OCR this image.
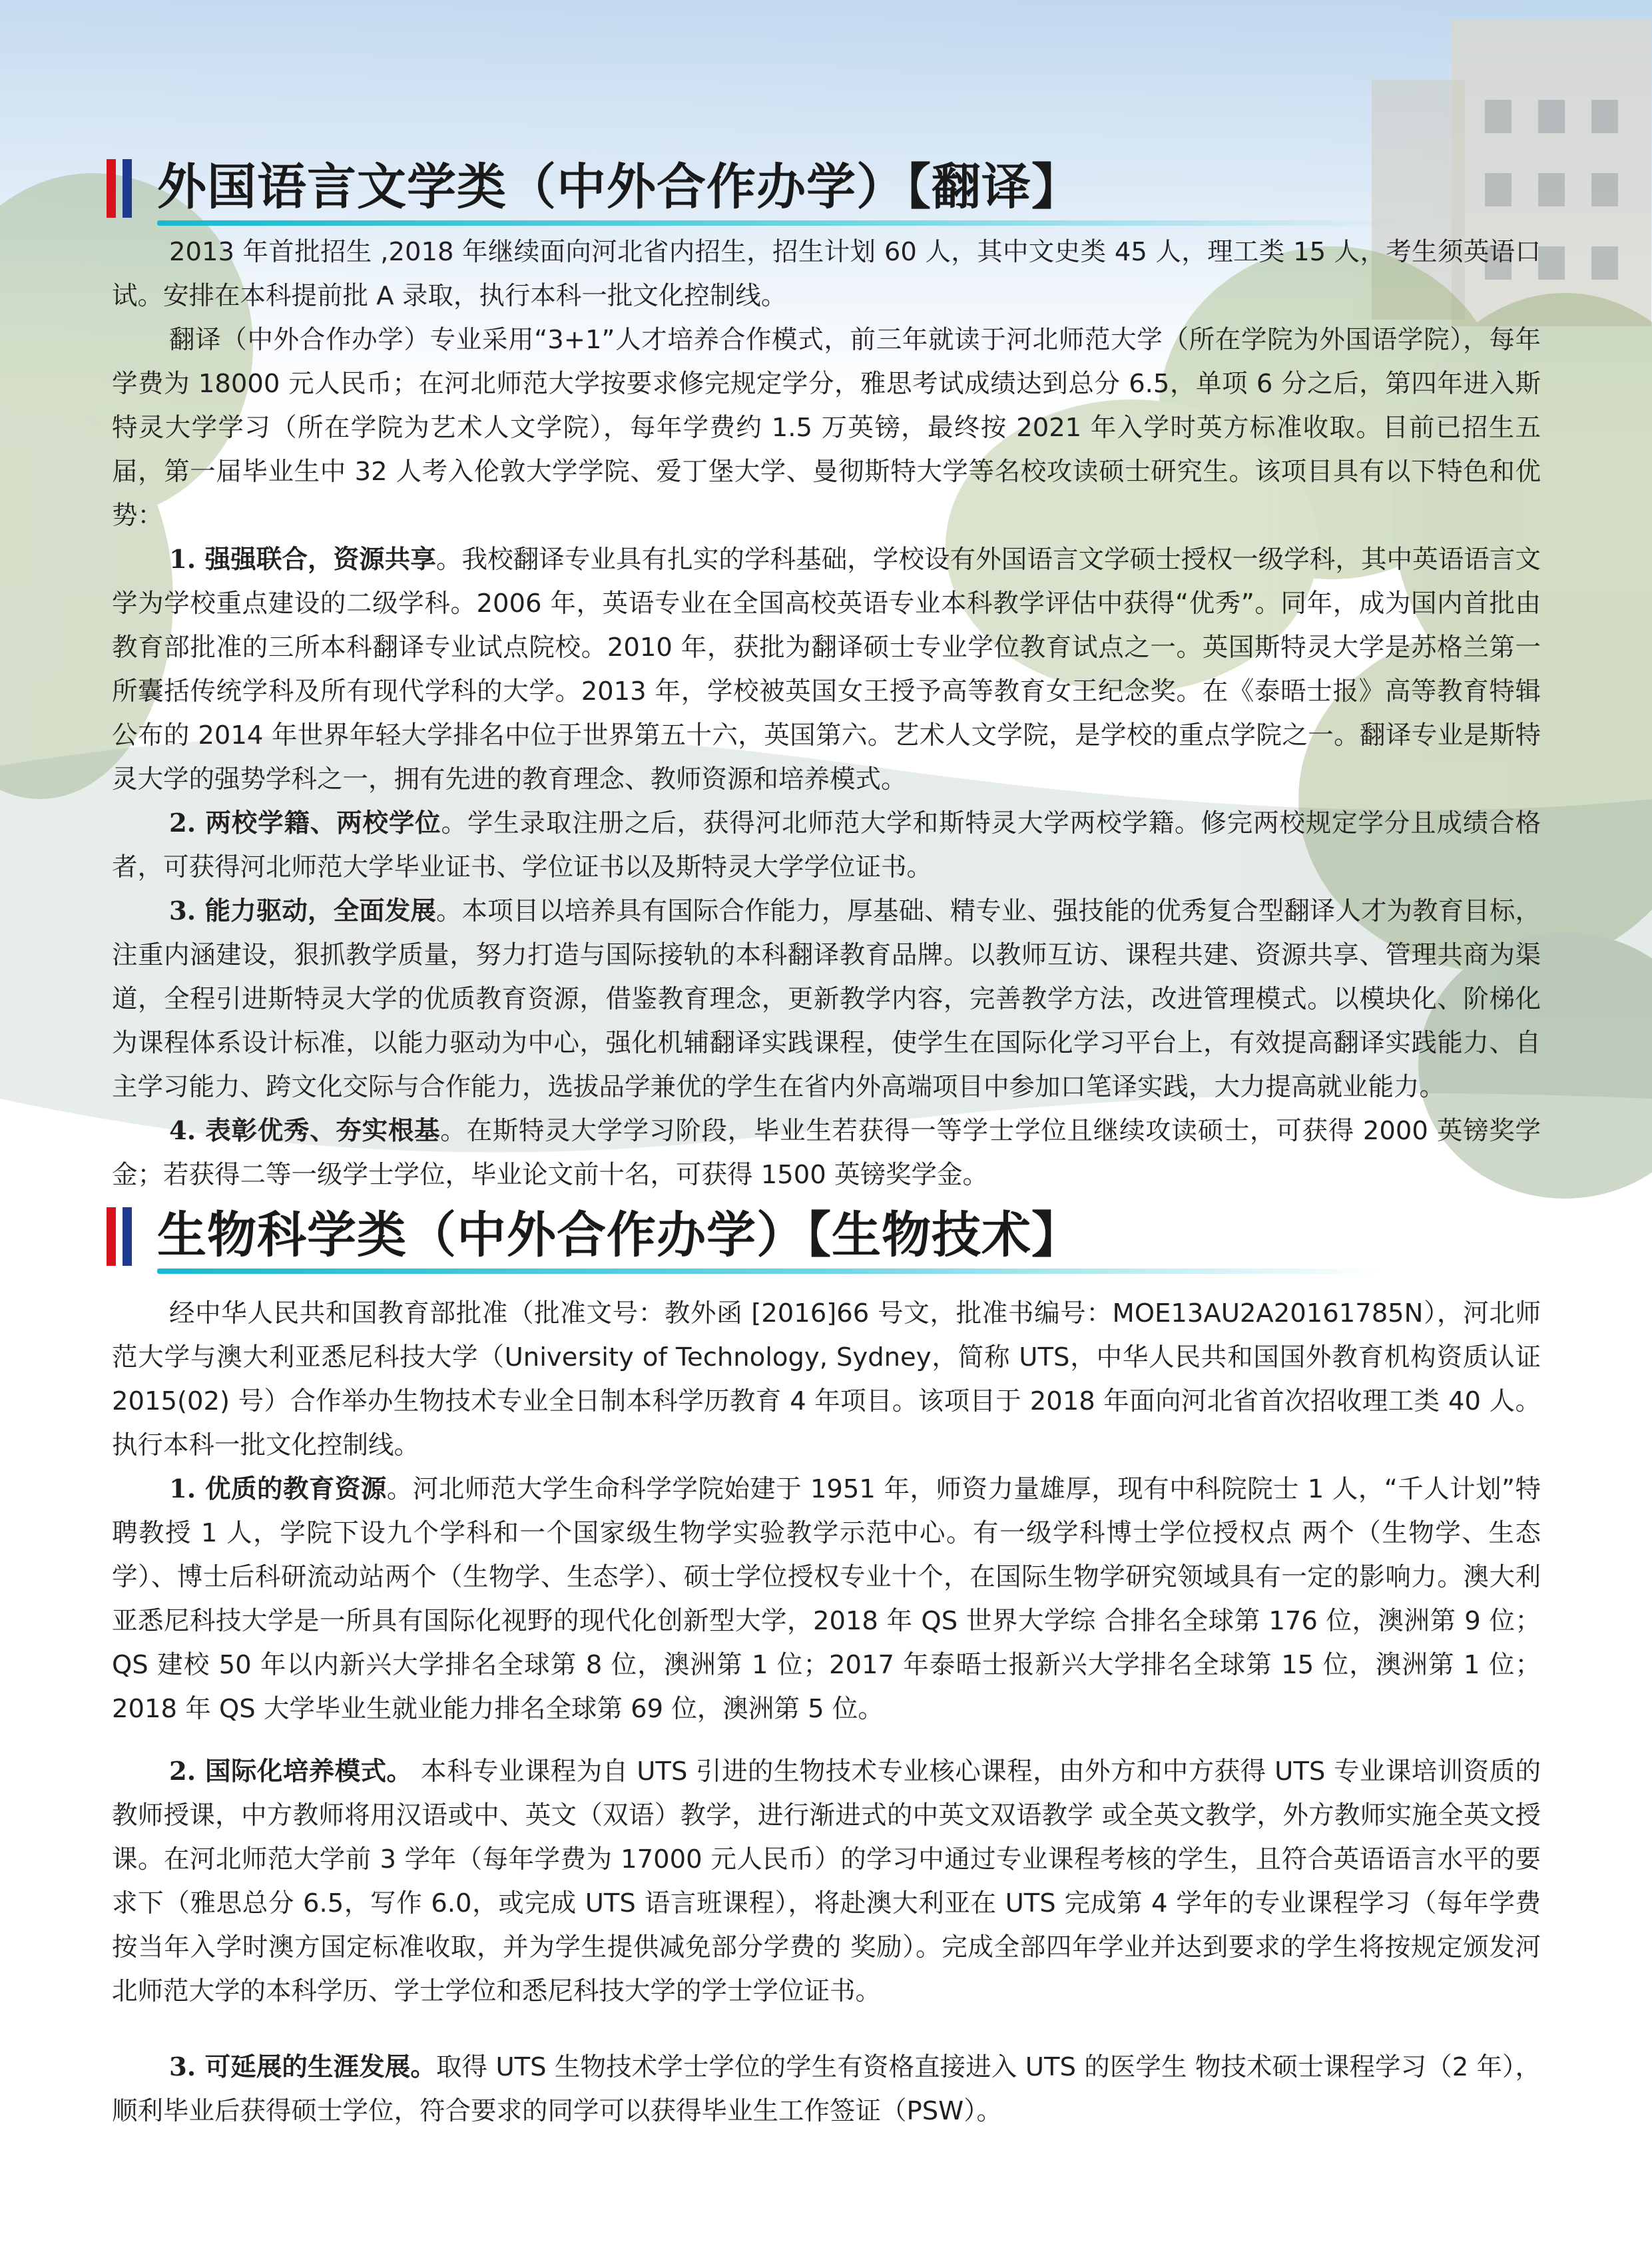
外国语言文学类（中外合作办学）【翻译】

2013 年首批招生 ,2018 年继续面向河北省内招生，招生计划 60 人，其中文史类 45 人，理工类 15 人，考生须英语口试。安排在本科提前批 A 录取，执行本科一批文化控制线。

翻译（中外合作办学）专业采用“3+1”人才培养合作模式，前三年就读于河北师范大学（所在学院为外国语学院），每年学费为 18000 元人民币；在河北师范大学按要求修完规定学分，雅思考试成绩达到总分 6.5，单项 6 分之后，第四年进入斯特灵大学学习（所在学院为艺术人文学院），每年学费约 1.5 万英镑，最终按 2021 年入学时英方标准收取。目前已招生五届，第一届毕业生中 32 人考入伦敦大学学院、爱丁堡大学、曼彻斯特大学等名校攻读硕士研究生。该项目具有以下特色和优势：

1. 强强联合，资源共享。我校翻译专业具有扎实的学科基础，学校设有外国语言文学硕士授权一级学科，其中英语语言文学为学校重点建设的二级学科。2006 年，英语专业在全国高校英语专业本科教学评估中获得“优秀”。同年，成为国内首批由教育部批准的三所本科翻译专业试点院校。2010 年，获批为翻译硕士专业学位教育试点之一。英国斯特灵大学是苏格兰第一所囊括传统学科及所有现代学科的大学。2013 年，学校被英国女王授予高等教育女王纪念奖。在《泰晤士报》高等教育特辑公布的 2014 年世界年轻大学排名中位于世界第五十六，英国第六。艺术人文学院，是学校的重点学院之一。翻译专业是斯特灵大学的强势学科之一，拥有先进的教育理念、教师资源和培养模式。

2. 两校学籍、两校学位。学生录取注册之后，获得河北师范大学和斯特灵大学两校学籍。修完两校规定学分且成绩合格者，可获得河北师范大学毕业证书、学位证书以及斯特灵大学学位证书。

3. 能力驱动，全面发展。本项目以培养具有国际合作能力，厚基础、精专业、强技能的优秀复合型翻译人才为教育目标，注重内涵建设，狠抓教学质量，努力打造与国际接轨的本科翻译教育品牌。以教师互访、课程共建、资源共享、管理共商为渠道，全程引进斯特灵大学的优质教育资源，借鉴教育理念，更新教学内容，完善教学方法，改进管理模式。以模块化、阶梯化为课程体系设计标准，以能力驱动为中心，强化机辅翻译实践课程，使学生在国际化学习平台上，有效提高翻译实践能力、自主学习能力、跨文化交际与合作能力，选拔品学兼优的学生在省内外高端项目中参加口笔译实践，大力提高就业能力。

4. 表彰优秀、夯实根基。在斯特灵大学学习阶段，毕业生若获得一等学士学位且继续攻读硕士，可获得 2000 英镑奖学金；若获得二等一级学士学位，毕业论文前十名，可获得 1500 英镑奖学金。

生物科学类（中外合作办学）【生物技术】

经中华人民共和国教育部批准（批准文号：教外函 [2016]66 号文，批准书编号：MOE13AU2A20161785N），河北师范大学与澳大利亚悉尼科技大学（University of Technology, Sydney，简称 UTS，中华人民共和国国外教育机构资质认证 2015(02) 号）合作举办生物技术专业全日制本科学历教育 4 年项目。该项目于 2018 年面向河北省首次招收理工类 40 人。执行本科一批文化控制线。

1. 优质的教育资源。河北师范大学生命科学学院始建于 1951 年，师资力量雄厚，现有中科院院士 1 人，“千人计划”特聘教授 1 人，学院下设九个学科和一个国家级生物学实验教学示范中心。有一级学科博士学位授权点 两个（生物学、生态学）、博士后科研流动站两个（生物学、生态学）、硕士学位授权专业十个，在国际生物学研究领域具有一定的影响力。澳大利亚悉尼科技大学是一所具有国际化视野的现代化创新型大学，2018 年 QS 世界大学综 合排名全球第 176 位，澳洲第 9 位；QS 建校 50 年以内新兴大学排名全球第 8 位，澳洲第 1 位；2017 年泰晤士报新兴大学排名全球第 15 位，澳洲第 1 位；2018 年 QS 大学毕业生就业能力排名全球第 69 位，澳洲第 5 位。

2. 国际化培养模式。 本科专业课程为自 UTS 引进的生物技术专业核心课程，由外方和中方获得 UTS 专业课培训资质的教师授课，中方教师将用汉语或中、英文（双语）教学，进行渐进式的中英文双语教学 或全英文教学，外方教师实施全英文授课。在河北师范大学前 3 学年（每年学费为 17000 元人民币）的学习中通过专业课程考核的学生，且符合英语语言水平的要求下（雅思总分 6.5，写作 6.0，或完成 UTS 语言班课程），将赴澳大利亚在 UTS 完成第 4 学年的专业课程学习（每年学费按当年入学时澳方国定标准收取，并为学生提供减免部分学费的 奖励）。完成全部四年学业并达到要求的学生将按规定颁发河北师范大学的本科学历、学士学位和悉尼科技大学的学士学位证书。

3. 可延展的生涯发展。取得 UTS 生物技术学士学位的学生有资格直接进入 UTS 的医学生 物技术硕士课程学习（2 年），顺利毕业后获得硕士学位，符合要求的同学可以获得毕业生工作签证（PSW）。
